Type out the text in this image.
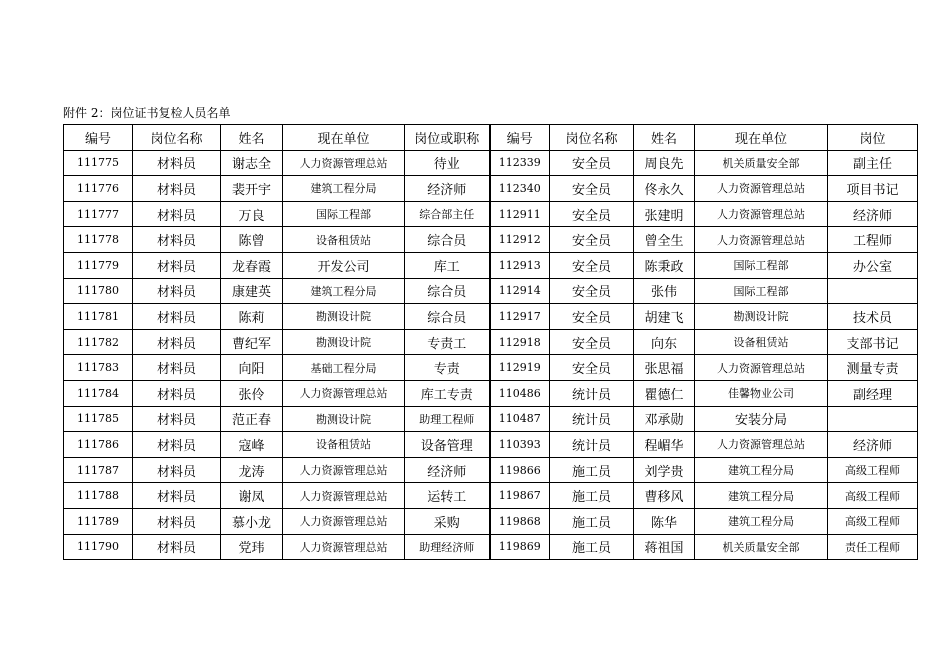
附件 2：岗位证书复检人员名单
编号	岗位名称	姓名	现在单位	岗位或职称	编号	岗位名称	姓名	现在单位	岗位
111775	材料员	谢志全	人力资源管理总站	待业	112339	安全员	周良先	机关质量安全部	副主任
111776	材料员	裴开宇	建筑工程分局	经济师	112340	安全员	佟永久	人力资源管理总站	项目书记
111777	材料员	万良	国际工程部	综合部主任	112911	安全员	张建明	人力资源管理总站	经济师
111778	材料员	陈曾	设备租赁站	综合员	112912	安全员	曾全生	人力资源管理总站	工程师
111779	材料员	龙春霞	开发公司	库工	112913	安全员	陈秉政	国际工程部	办公室
111780	材料员	康建英	建筑工程分局	综合员	112914	安全员	张伟	国际工程部	
111781	材料员	陈莉	勘测设计院	综合员	112917	安全员	胡建飞	勘测设计院	技术员
111782	材料员	曹纪军	勘测设计院	专责工	112918	安全员	向东	设备租赁站	支部书记
111783	材料员	向阳	基础工程分局	专责	112919	安全员	张思福	人力资源管理总站	测量专责
111784	材料员	张伶	人力资源管理总站	库工专责	110486	统计员	瞿德仁	佳馨物业公司	副经理
111785	材料员	范正春	勘测设计院	助理工程师	110487	统计员	邓承勋	安装分局	
111786	材料员	寇峰	设备租赁站	设备管理	110393	统计员	程嵋华	人力资源管理总站	经济师
111787	材料员	龙涛	人力资源管理总站	经济师	119866	施工员	刘学贵	建筑工程分局	高级工程师
111788	材料员	谢凤	人力资源管理总站	运转工	119867	施工员	曹移风	建筑工程分局	高级工程师
111789	材料员	慕小龙	人力资源管理总站	采购	119868	施工员	陈华	建筑工程分局	高级工程师
111790	材料员	党玮	人力资源管理总站	助理经济师	119869	施工员	蒋祖国	机关质量安全部	责任工程师
